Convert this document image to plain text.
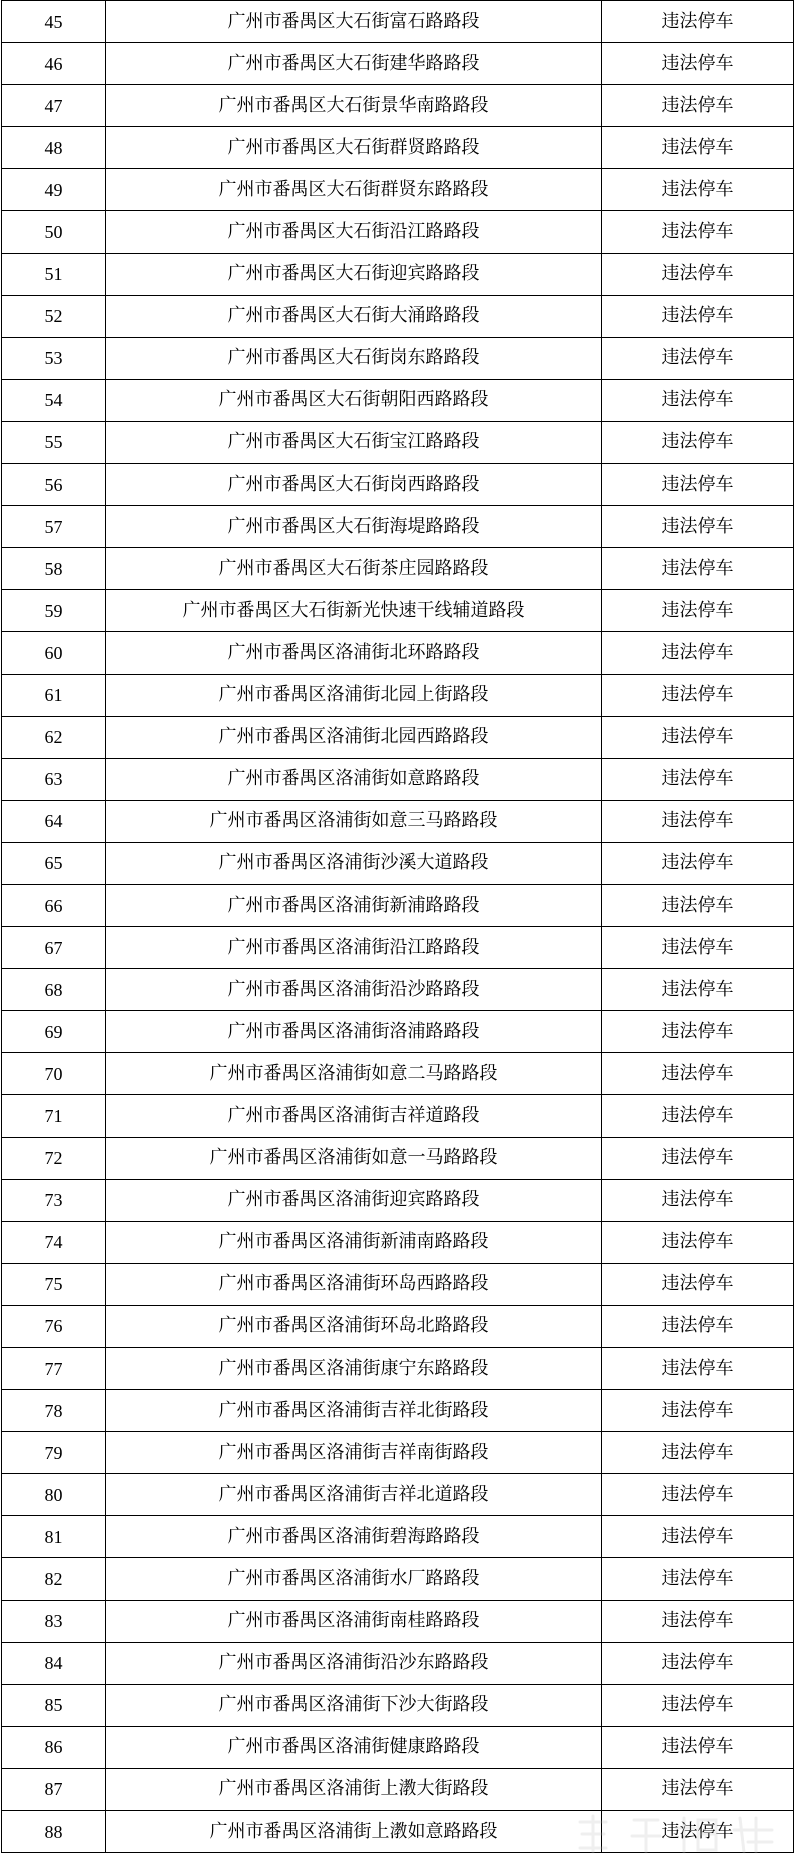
45	广州市番禺区大石街富石路路段	违法停车
46	广州市番禺区大石街建华路路段	违法停车
47	广州市番禺区大石街景华南路路段	违法停车
48	广州市番禺区大石街群贤路路段	违法停车
49	广州市番禺区大石街群贤东路路段	违法停车
50	广州市番禺区大石街沿江路路段	违法停车
51	广州市番禺区大石街迎宾路路段	违法停车
52	广州市番禺区大石街大涌路路段	违法停车
53	广州市番禺区大石街岗东路路段	违法停车
54	广州市番禺区大石街朝阳西路路段	违法停车
55	广州市番禺区大石街宝江路路段	违法停车
56	广州市番禺区大石街岗西路路段	违法停车
57	广州市番禺区大石街海堤路路段	违法停车
58	广州市番禺区大石街茶庄园路路段	违法停车
59	广州市番禺区大石街新光快速干线辅道路段	违法停车
60	广州市番禺区洛浦街北环路路段	违法停车
61	广州市番禺区洛浦街北园上街路段	违法停车
62	广州市番禺区洛浦街北园西路路段	违法停车
63	广州市番禺区洛浦街如意路路段	违法停车
64	广州市番禺区洛浦街如意三马路路段	违法停车
65	广州市番禺区洛浦街沙溪大道路段	违法停车
66	广州市番禺区洛浦街新浦路路段	违法停车
67	广州市番禺区洛浦街沿江路路段	违法停车
68	广州市番禺区洛浦街沿沙路路段	违法停车
69	广州市番禺区洛浦街洛浦路路段	违法停车
70	广州市番禺区洛浦街如意二马路路段	违法停车
71	广州市番禺区洛浦街吉祥道路段	违法停车
72	广州市番禺区洛浦街如意一马路路段	违法停车
73	广州市番禺区洛浦街迎宾路路段	违法停车
74	广州市番禺区洛浦街新浦南路路段	违法停车
75	广州市番禺区洛浦街环岛西路路段	违法停车
76	广州市番禺区洛浦街环岛北路路段	违法停车
77	广州市番禺区洛浦街康宁东路路段	违法停车
78	广州市番禺区洛浦街吉祥北街路段	违法停车
79	广州市番禺区洛浦街吉祥南街路段	违法停车
80	广州市番禺区洛浦街吉祥北道路段	违法停车
81	广州市番禺区洛浦街碧海路路段	违法停车
82	广州市番禺区洛浦街水厂路路段	违法停车
83	广州市番禺区洛浦街南桂路路段	违法停车
84	广州市番禺区洛浦街沿沙东路路段	违法停车
85	广州市番禺区洛浦街下沙大街路段	违法停车
86	广州市番禺区洛浦街健康路路段	违法停车
87	广州市番禺区洛浦街上漖大街路段	违法停车
88	广州市番禺区洛浦街上漖如意路路段	违法停车
